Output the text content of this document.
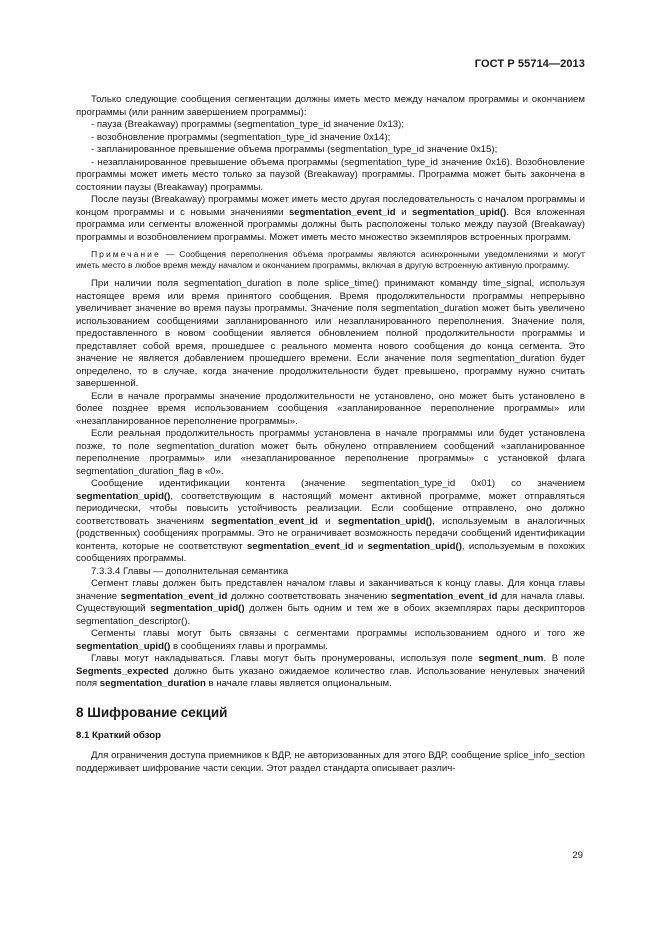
ГОСТ Р 55714—2013

Только следующие сообщения сегментации должны иметь место между началом программы и окончанием программы (или ранним завершением программы):

- пауза (Breakaway) программы (segmentation_type_id значение 0x13);

- возобновление программы (segmentation_type_id значение 0x14);

- запланированное превышение объема программы (segmentation_type_id значение 0x15);

- незапланированное превышение объема программы (segmentation_type_id значение 0x16). Возобновление программы может иметь место только за паузой (Breakaway) программы. Программа может быть закончена в состоянии паузы (Breakaway) программы.

После паузы (Breakaway) программы может иметь место другая последовательность с началом программы и концом программы и с новыми значениями segmentation_event_id и segmentation_upid(). Вся вложенная программа или сегменты вложенной программы должны быть расположены только между паузой (Breakaway) программы и возобновлением программы. Может иметь место множество экземпляров встроенных программ.

Примечание — Сообщения переполнения объема программы являются асинхронными уведомлениями и могут иметь место в любое время между началом и окончанием программы, включая в другую встроенную активную программу.

При наличии поля segmentation_duration в поле splice_time() принимают команду time_signal, используя настоящее время или время принятого сообщения. Время продолжительности программы непрерывно увеличивает значение во время паузы программы. Значение поля segmentation_duration может быть увеличено использованием сообщениями запланированного или незапланированного переполнения. Значение поля, предоставленного в новом сообщении является обновлением полной продолжительности программы и представляет собой время, прошедшее с реального момента нового сообщения до конца сегмента. Это значение не является добавлением прошедшего времени. Если значение поля segmentation_duration будет определено, то в случае, когда значение продолжительности будет превышено, программу нужно считать завершенной.

Если в начале программы значение продолжительности не установлено, оно может быть установлено в более позднее время использованием сообщения «запланированное переполнение программы» или «незапланированное переполнение программы».

Если реальная продолжительность программы установлена в начале программы или будет установлена позже, то поле segmentation_duration может быть обнулено отправлением сообщений «запланированное переполнение программы» или «незапланированное переполнение программы» с установкой флага segmentation_duration_flag в «0».

Сообщение идентификации контента (значение segmentation_type_id 0x01) со значением segmentation_upid(), соответствующим в настоящий момент активной программе, может отправляться периодически, чтобы повысить устойчивость реализации. Если сообщение отправлено, оно должно соответствовать значениям segmentation_event_id и segmentation_upid(), используемым в аналогичных (родственных) сообщениях программы. Это не ограничивает возможность передачи сообщений идентификации контента, которые не соответствуют segmentation_event_id и segmentation_upid(), используемым в похожих сообщениях программы.

7.3.3.4 Главы — дополнительная семантика

Сегмент главы должен быть представлен началом главы и заканчиваться к концу главы. Для конца главы значение segmentation_event_id должно соответствовать значению segmentation_event_id для начала главы. Существующий segmentation_upid() должен быть одним и тем же в обоих экземплярах пары дескрипторов segmentation_descriptor().

Сегменты главы могут быть связаны с сегментами программы использованием одного и того же segmentation_upid() в сообщениях главы и программы.

Главы могут накладываться. Главы могут быть пронумерованы, используя поле segment_num. В поле Segments_expected должно быть указано ожидаемое количество глав. Использование ненулевых значений поля segmentation_duration в начале главы является опциональным.

8 Шифрование секций
8.1 Краткий обзор

Для ограничения доступа приемников к ВДР, не авторизованных для этого ВДР, сообщение splice_info_section поддерживает шифрование части секции. Этот раздел стандарта описывает различ-

29
